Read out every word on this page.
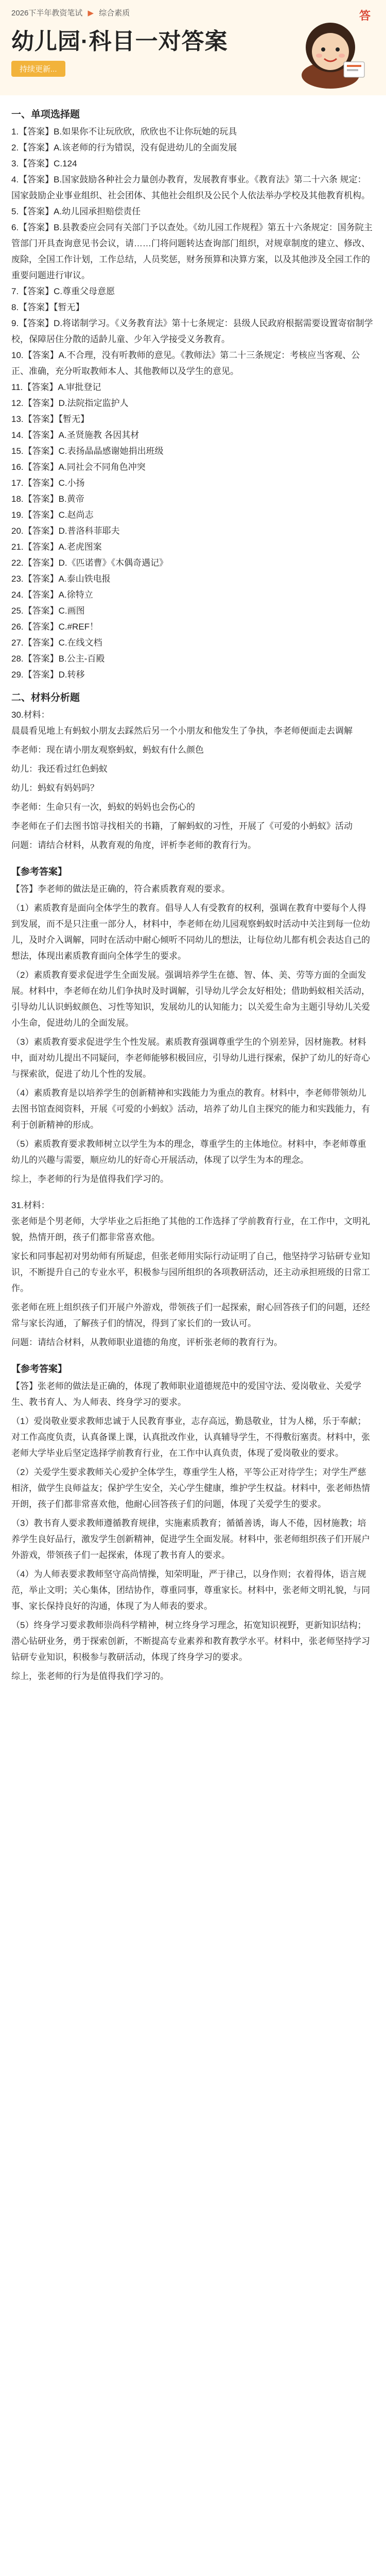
2026下半年教资笔试 ▶ 综合素质
幼儿园·科目一对答案
持续更新...
答
一、单项选择题
1.【答案】B.如果你不让玩欣欣，欣欣也不让你玩她的玩具
2.【答案】A.该老师的行为错误，没有促进幼儿的全面发展
3.【答案】C.124
4.【答案】B.国家鼓励各种社会力量创办教育，发展教育事业。《教育法》第二十六条 规定：国家鼓励企业事业组织、社会团体、其他社会组织及公民个人依法举办学校及其他教育机构。
5.【答案】A.幼儿园承担赔偿责任
6.【答案】B.县教委应会同有关部门予以查处。《幼儿园工作规程》第五十六条规定：国务院主管部门开具查询意见书会议，请……门将问题转达查询部门组织，对规章制度的建立、修改、废除，全国工作计划，工作总结，人员奖惩，财务预算和决算方案，以及其他涉及全园工作的重要问题进行审议。
7.【答案】C.尊重父母意愿
8.【答案】【暂无】
9.【答案】D.将诺制学习。《义务教育法》第十七条规定：县级人民政府根据需要设置寄宿制学校，保障居住分散的适龄儿童、少年入学接受义务教育。
10.【答案】A.不合理，没有听教师的意见。《教师法》第二十三条规定：考核应当客观、公正、准确，充分听取教师本人、其他教师以及学生的意见。
11.【答案】A.审批登记
12.【答案】D.法院指定监护人
13.【答案】【暂无】
14.【答案】A.圣贤施教 各因其材
15.【答案】C.表扬晶晶感谢她捐出班级
16.【答案】A.同社会不同角色冲突
17.【答案】C.小扬
18.【答案】B.黄帝
19.【答案】C.赵尚志
20.【答案】D.普洛科菲耶夫
21.【答案】A.老虎图案
22.【答案】D.《匹诺曹》《木偶奇遇记》
23.【答案】A.泰山铁电报
24.【答案】A.徐特立
25.【答案】C.画图
26.【答案】C.#REF！
27.【答案】C.在线文档
28.【答案】B.公主-百殿
29.【答案】D.转移
二、材料分析题
30.材料：
晨晨看见地上有蚂蚁小朋友去踩然后另一个小朋友和他发生了争执，李老师便面走去调解
李老师：现在请小朋友观察蚂蚁，蚂蚁有什么颜色
幼儿：我还看过红色蚂蚁
幼儿：蚂蚁有妈妈吗？
李老师：生命只有一次，蚂蚁的妈妈也会伤心的
李老师在子们去图书馆寻找相关的书籍，了解蚂蚁的习性，开展了《可爱的小蚂蚁》活动
问题：请结合材料，从教育观的角度，评析李老师的教育行为。
【参考答案】
【答】李老师的做法是正确的，符合素质教育观的要求。
（1）素质教育是面向全体学生的教育。倡导人人有受教育的权利，强调在教育中要每个人得到发展，而不是只注重一部分人，材料中，李老师在幼儿园观察蚂蚁时活动中关注到每一位幼儿，及时介入调解，同时在活动中耐心倾听不同幼儿的想法，让每位幼儿都有机会表达自己的想法，体现出素质教育面向全体学生的要求。
（2）素质教育要求促进学生全面发展。强调培养学生在德、智、体、美、劳等方面的全面发展。材料中，李老师在幼儿们争执时及时调解，引导幼儿学会友好相处；借助蚂蚁相关活动，引导幼儿认识蚂蚁颜色、习性等知识，发展幼儿的认知能力；以关爱生命为主题引导幼儿关爱小生命，促进幼儿的全面发展。
（3）素质教育要求促进学生个性发展。素质教育强调尊重学生的个别差异，因材施教。材料中，面对幼儿提出不同疑问，李老师能够积极回应，引导幼儿进行探索，保护了幼儿的好奇心与探索欲，促进了幼儿个性的发展。
（4）素质教育是以培养学生的创新精神和实践能力为重点的教育。材料中，李老师带领幼儿去图书馆查阅资料，开展《可爱的小蚂蚁》活动，培养了幼儿自主探究的能力和实践能力，有利于创新精神的形成。
（5）素质教育要求教师树立以学生为本的理念，尊重学生的主体地位。材料中，李老师尊重幼儿的兴趣与需要，顺应幼儿的好奇心开展活动，体现了以学生为本的理念。
综上，李老师的行为是值得我们学习的。
31.材料：
张老师是个男老师，大学毕业之后拒绝了其他的工作选择了学前教育行业，在工作中，文明礼貌，热情开朗，孩子们都非常喜欢他。
家长和同事起初对男幼师有所疑虑，但张老师用实际行动证明了自己，他坚持学习钻研专业知识，不断提升自己的专业水平，积极参与园所组织的各项教研活动，还主动承担班级的日常工作。
张老师在班上组织孩子们开展户外游戏，带领孩子们一起探索，耐心回答孩子们的问题，还经常与家长沟通，了解孩子们的情况，得到了家长们的一致认可。
问题：请结合材料，从教师职业道德的角度，评析张老师的教育行为。
【参考答案】
【答】张老师的做法是正确的，体现了教师职业道德规范中的爱国守法、爱岗敬业、关爱学生、教书育人、为人师表、终身学习的要求。
（1）爱岗敬业要求教师忠诚于人民教育事业，志存高远，勤恳敬业，甘为人梯，乐于奉献；对工作高度负责，认真备课上课，认真批改作业，认真辅导学生，不得敷衍塞责。材料中，张老师大学毕业后坚定选择学前教育行业，在工作中认真负责，体现了爱岗敬业的要求。
（2）关爱学生要求教师关心爱护全体学生，尊重学生人格，平等公正对待学生；对学生严慈相济，做学生良师益友；保护学生安全，关心学生健康，维护学生权益。材料中，张老师热情开朗，孩子们都非常喜欢他，他耐心回答孩子们的问题，体现了关爱学生的要求。
（3）教书育人要求教师遵循教育规律，实施素质教育；循循善诱，诲人不倦，因材施教；培养学生良好品行，激发学生创新精神，促进学生全面发展。材料中，张老师组织孩子们开展户外游戏，带领孩子们一起探索，体现了教书育人的要求。
（4）为人师表要求教师坚守高尚情操，知荣明耻，严于律己，以身作则；衣着得体，语言规范，举止文明；关心集体，团结协作，尊重同事，尊重家长。材料中，张老师文明礼貌，与同事、家长保持良好的沟通，体现了为人师表的要求。
（5）终身学习要求教师崇尚科学精神，树立终身学习理念，拓宽知识视野，更新知识结构；潜心钻研业务，勇于探索创新，不断提高专业素养和教育教学水平。材料中，张老师坚持学习钻研专业知识，积极参与教研活动，体现了终身学习的要求。
综上，张老师的行为是值得我们学习的。
